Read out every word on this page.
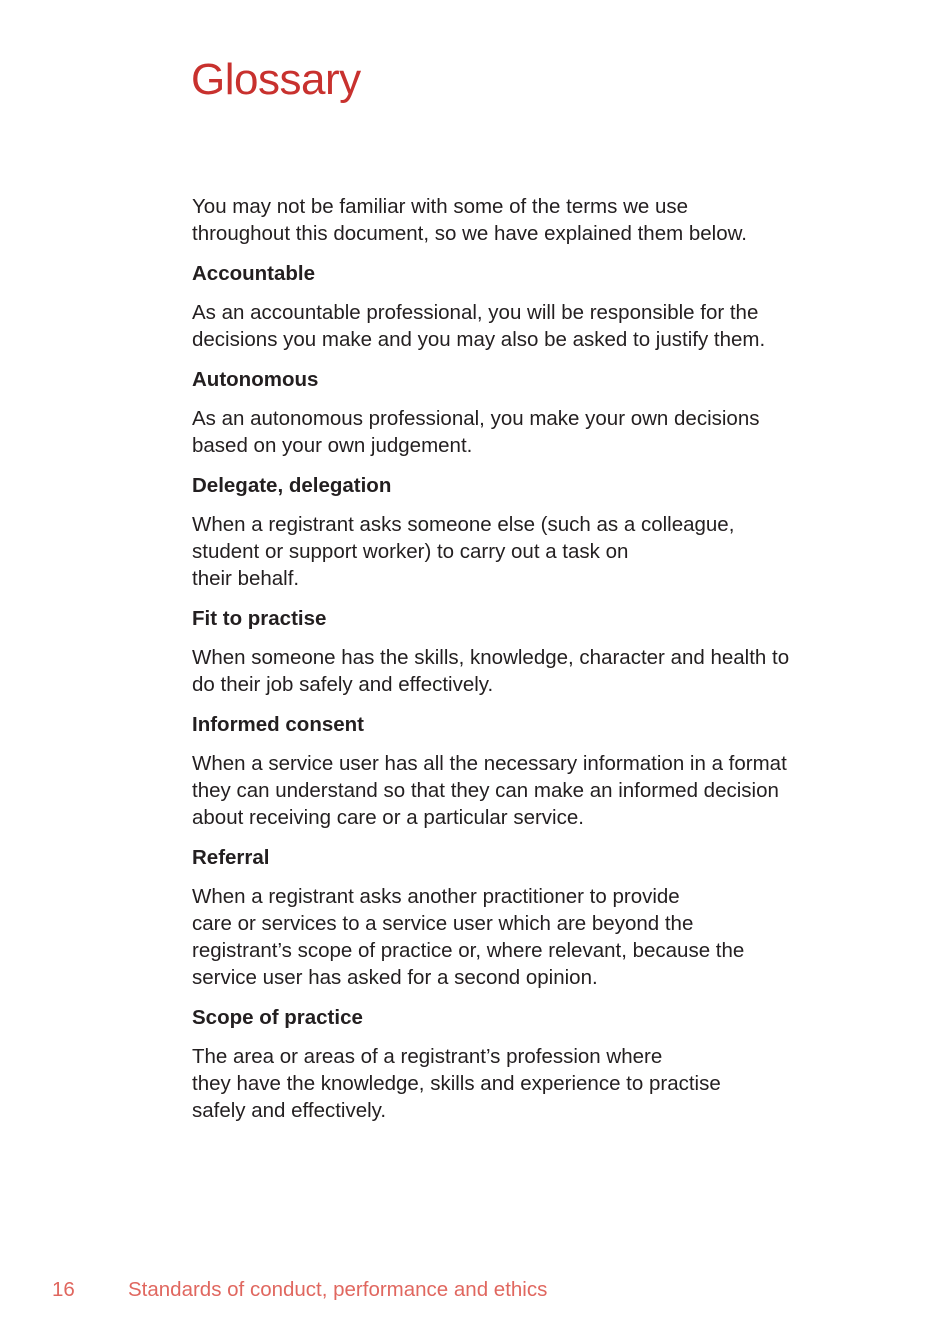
Glossary

You may not be familiar with some of the terms we use
throughout this document, so we have explained them below.

Accountable

As an accountable professional, you will be responsible for the
decisions you make and you may also be asked to justify them.

Autonomous

As an autonomous professional, you make your own decisions
based on your own judgement.

Delegate, delegation

When a registrant asks someone else (such as a colleague,
student or support worker) to carry out a task on
their behalf.

Fit to practise

When someone has the skills, knowledge, character and health to
do their job safely and effectively.

Informed consent

When a service user has all the necessary information in a format
they can understand so that they can make an informed decision
about receiving care or a particular service.

Referral

When a registrant asks another practitioner to provide
care or services to a service user which are beyond the
registrant’s scope of practice or, where relevant, because the
service user has asked for a second opinion.

Scope of practice

The area or areas of a registrant’s profession where
they have the knowledge, skills and experience to practise
safely and effectively.

16	Standards of conduct, performance and ethics
